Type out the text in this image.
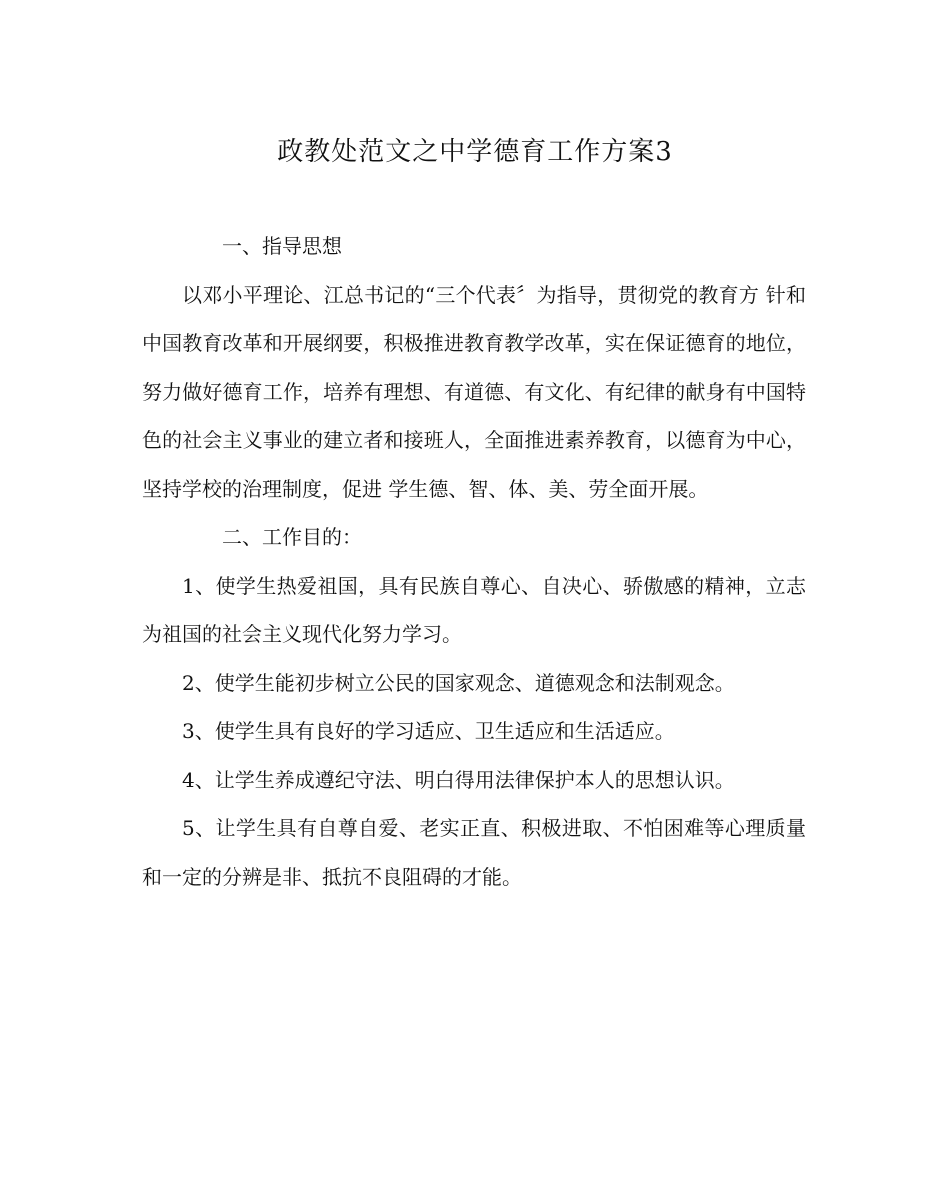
政教处范文之中学德育工作方案3

一、指导思想

以邓小平理论、江总书记的“三个代表〞为指导，贯彻党的教育方 针和中国教育改革和开展纲要，积极推进教育教学改革，实在保证德育的地位，努力做好德育工作，培养有理想、有道德、有文化、有纪律的献身有中国特色的社会主义事业的建立者和接班人，全面推进素养教育，以德育为中心，坚持学校的治理制度，促进 学生德、智、体、美、劳全面开展。

二、工作目的：

1、使学生热爱祖国，具有民族自尊心、自决心、骄傲感的精神，立志为祖国的社会主义现代化努力学习。

2、使学生能初步树立公民的国家观念、道德观念和法制观念。

3、使学生具有良好的学习适应、卫生适应和生活适应。

4、让学生养成遵纪守法、明白得用法律保护本人的思想认识。

5、让学生具有自尊自爱、老实正直、积极进取、不怕困难等心理质量和一定的分辨是非、抵抗不良阻碍的才能。
